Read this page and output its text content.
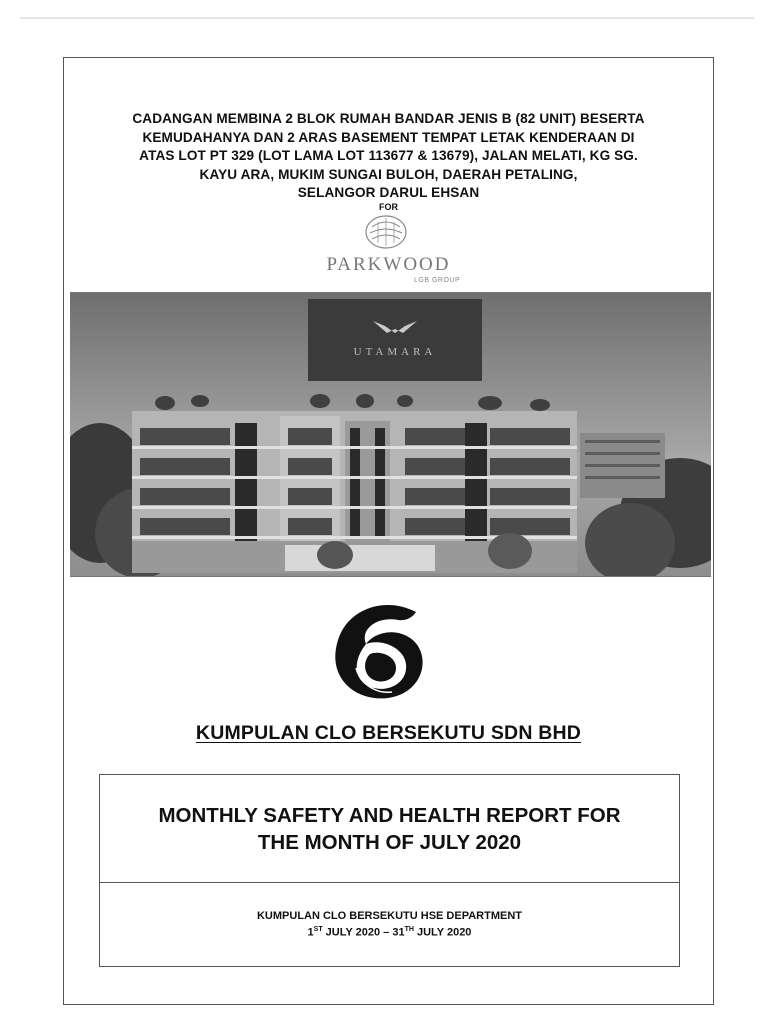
CADANGAN MEMBINA 2 BLOK RUMAH BANDAR JENIS B (82 UNIT) BESERTA
KEMUDAHANYA DAN 2 ARAS BASEMENT TEMPAT LETAK KENDERAAN DI
ATAS LOT PT 329 (LOT LAMA LOT 113677 & 13679), JALAN MELATI, KG SG.
KAYU ARA, MUKIM SUNGAI BULOH, DAERAH PETALING,
SELANGOR DARUL EHSAN
FOR
PARKWOOD
LGB GROUP
UTAMARA
KUMPULAN CLO BERSEKUTU SDN BHD
MONTHLY SAFETY AND HEALTH REPORT FOR
THE MONTH OF JULY 2020
KUMPULAN CLO BERSEKUTU HSE DEPARTMENT
1ST JULY 2020 – 31TH JULY 2020
